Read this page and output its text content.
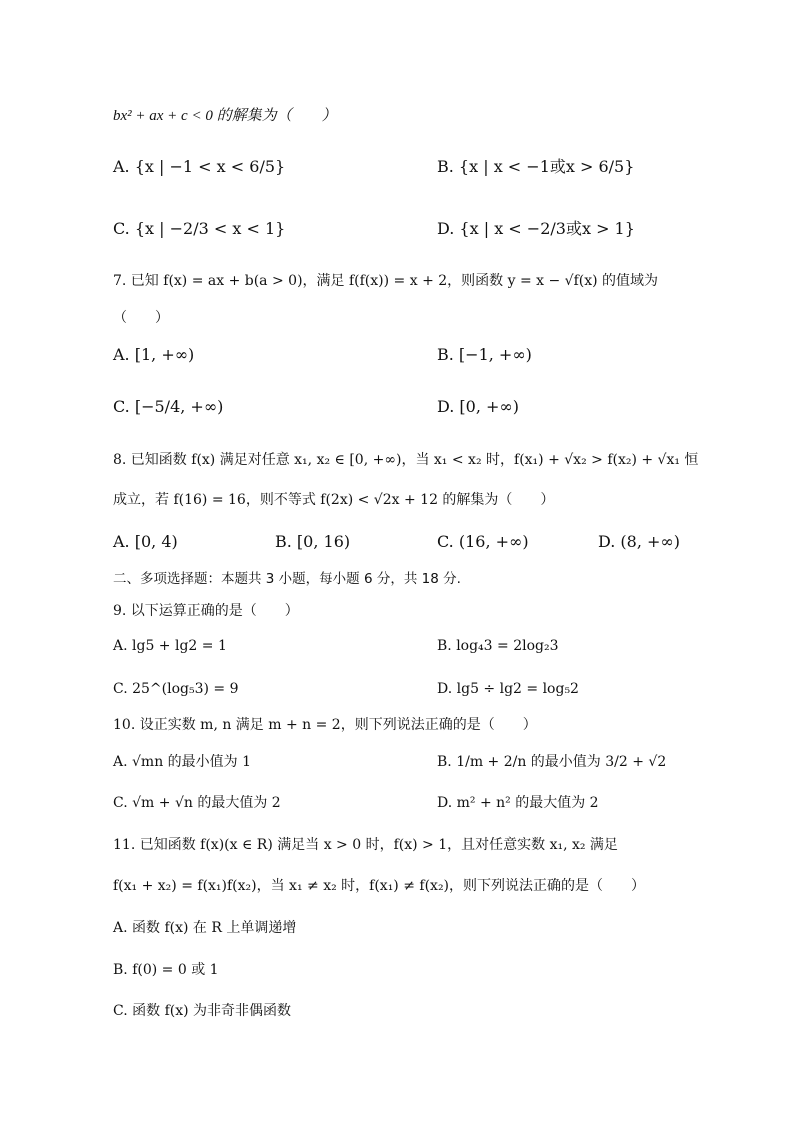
bx² + ax + c < 0 的解集为（　　）
A. {x | −1 < x < 6/5}	B. {x | x < −1或x > 6/5}
C. {x | −2/3 < x < 1}	D. {x | x < −2/3或x > 1}
7. 已知 f(x) = ax + b(a > 0)，满足 f(f(x)) = x + 2，则函数 y = x − √f(x) 的值域为
（　　）
A. [1, +∞)	B. [−1, +∞)
C. [−5/4, +∞)	D. [0, +∞)
8. 已知函数 f(x) 满足对任意 x₁, x₂ ∈ [0, +∞)，当 x₁ < x₂ 时，f(x₁) + √x₂ > f(x₂) + √x₁ 恒
成立，若 f(16) = 16，则不等式 f(2x) < √2x + 12 的解集为（　　）
A. [0, 4)	B. [0, 16)	C. (16, +∞)	D. (8, +∞)
二、多项选择题：本题共 3 小题，每小题 6 分，共 18 分.
9. 以下运算正确的是（　　）
A. lg5 + lg2 = 1	B. log₄3 = 2log₂3
C. 25^(log₅3) = 9	D. lg5 ÷ lg2 = log₅2
10. 设正实数 m, n 满足 m + n = 2，则下列说法正确的是（　　）
A. √mn 的最小值为 1	B. 1/m + 2/n 的最小值为 3/2 + √2
C. √m + √n 的最大值为 2	D. m² + n² 的最大值为 2
11. 已知函数 f(x)(x ∈ R) 满足当 x > 0 时，f(x) > 1，且对任意实数 x₁, x₂ 满足
f(x₁ + x₂) = f(x₁)f(x₂)，当 x₁ ≠ x₂ 时，f(x₁) ≠ f(x₂)，则下列说法正确的是（　　）
A. 函数 f(x) 在 R 上单调递增
B. f(0) = 0 或 1
C. 函数 f(x) 为非奇非偶函数
